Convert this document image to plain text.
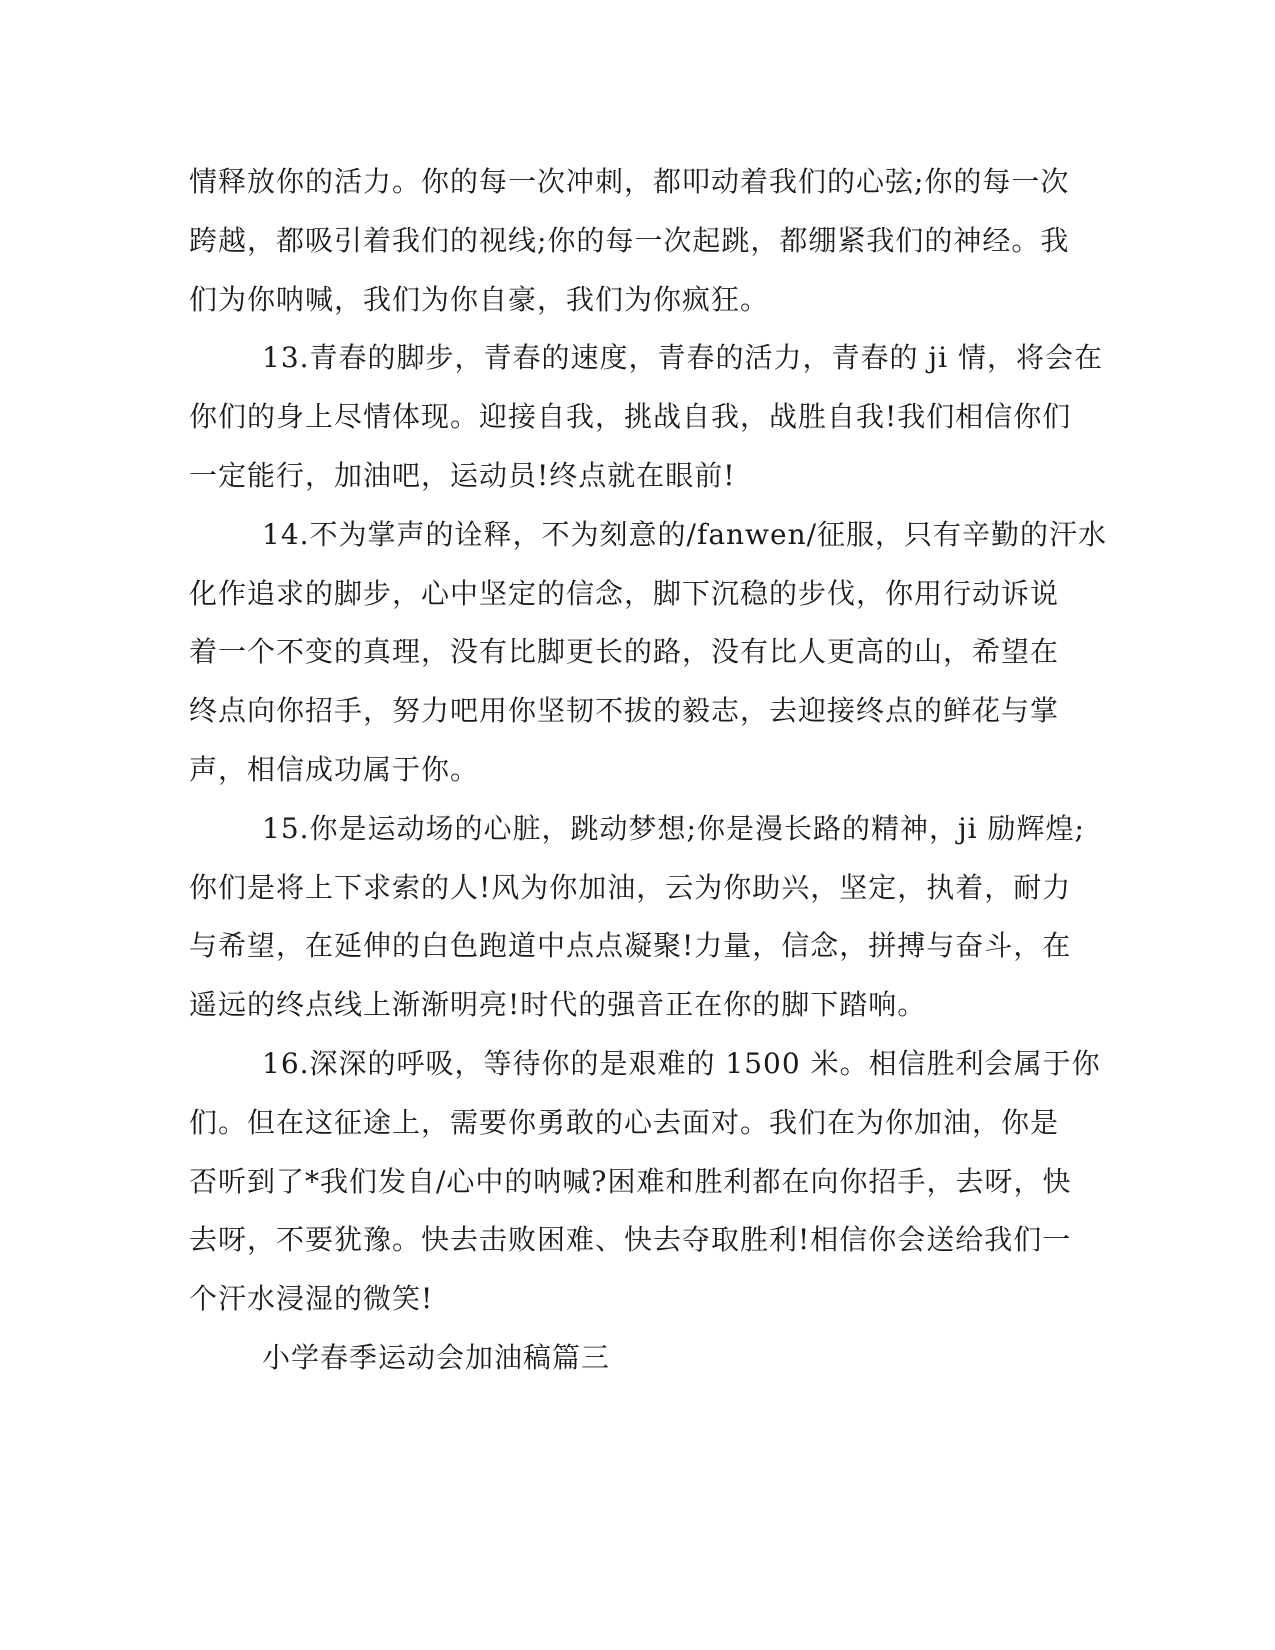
情释放你的活力。你的每一次冲刺，都叩动着我们的心弦;你的每一次

跨越，都吸引着我们的视线;你的每一次起跳，都绷紧我们的神经。我

们为你呐喊，我们为你自豪，我们为你疯狂。

13.青春的脚步，青春的速度，青春的活力，青春的 ji 情，将会在

你们的身上尽情体现。迎接自我，挑战自我，战胜自我!我们相信你们

一定能行，加油吧，运动员!终点就在眼前!

14.不为掌声的诠释，不为刻意的/fanwen/征服，只有辛勤的汗水

化作追求的脚步，心中坚定的信念，脚下沉稳的步伐，你用行动诉说

着一个不变的真理，没有比脚更长的路，没有比人更高的山，希望在

终点向你招手，努力吧用你坚韧不拔的毅志，去迎接终点的鲜花与掌

声，相信成功属于你。

15.你是运动场的心脏，跳动梦想;你是漫长路的精神，ji 励辉煌;

你们是将上下求索的人!风为你加油，云为你助兴，坚定，执着，耐力

与希望，在延伸的白色跑道中点点凝聚!力量，信念，拼搏与奋斗，在

遥远的终点线上渐渐明亮!时代的强音正在你的脚下踏响。

16.深深的呼吸，等待你的是艰难的 1500 米。相信胜利会属于你

们。但在这征途上，需要你勇敢的心去面对。我们在为你加油，你是

否听到了*我们发自/心中的呐喊?困难和胜利都在向你招手，去呀，快

去呀，不要犹豫。快去击败困难、快去夺取胜利!相信你会送给我们一

个汗水浸湿的微笑!

小学春季运动会加油稿篇三
